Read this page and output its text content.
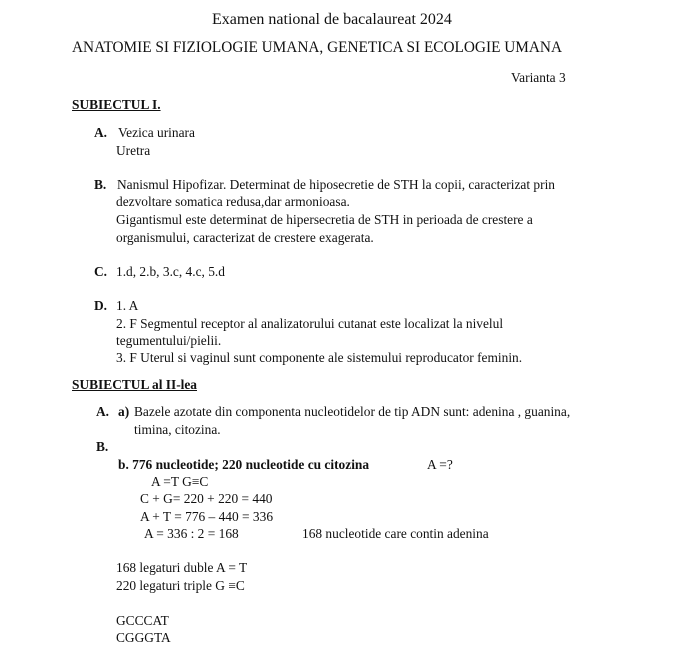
Examen national de bacalaureat 2024
ANATOMIE SI FIZIOLOGIE UMANA, GENETICA SI ECOLOGIE UMANA
Varianta 3
SUBIECTUL I.
A. Vezica urinara
Uretra
B. Nanismul Hipofizar. Determinat de hiposecretie de STH la copii, caracterizat prin
dezvoltare somatica redusa,dar armonioasa.
Gigantismul este determinat de hipersecretia de STH in perioada de crestere a
organismului, caracterizat de crestere exagerata.
C. 1.d, 2.b, 3.c, 4.c, 5.d
D. 1. A
2. F Segmentul receptor al analizatorului cutanat este localizat la nivelul
tegumentului/pielii.
3. F Uterul si vaginul sunt componente ale sistemului reproducator feminin.
SUBIECTUL al II-lea
A. a) Bazele azotate din componenta nucleotidelor de tip ADN sunt: adenina , guanina,
timina, citozina.
B.
b. 776 nucleotide; 220 nucleotide cu citozina	A =?
A =T G≡C
C + G= 220 + 220 = 440
A + T = 776 – 440 = 336
A = 336 : 2 = 168	168 nucleotide care contin adenina
168 legaturi duble A = T
220 legaturi triple G ≡C
GCCCAT
CGGGTA
